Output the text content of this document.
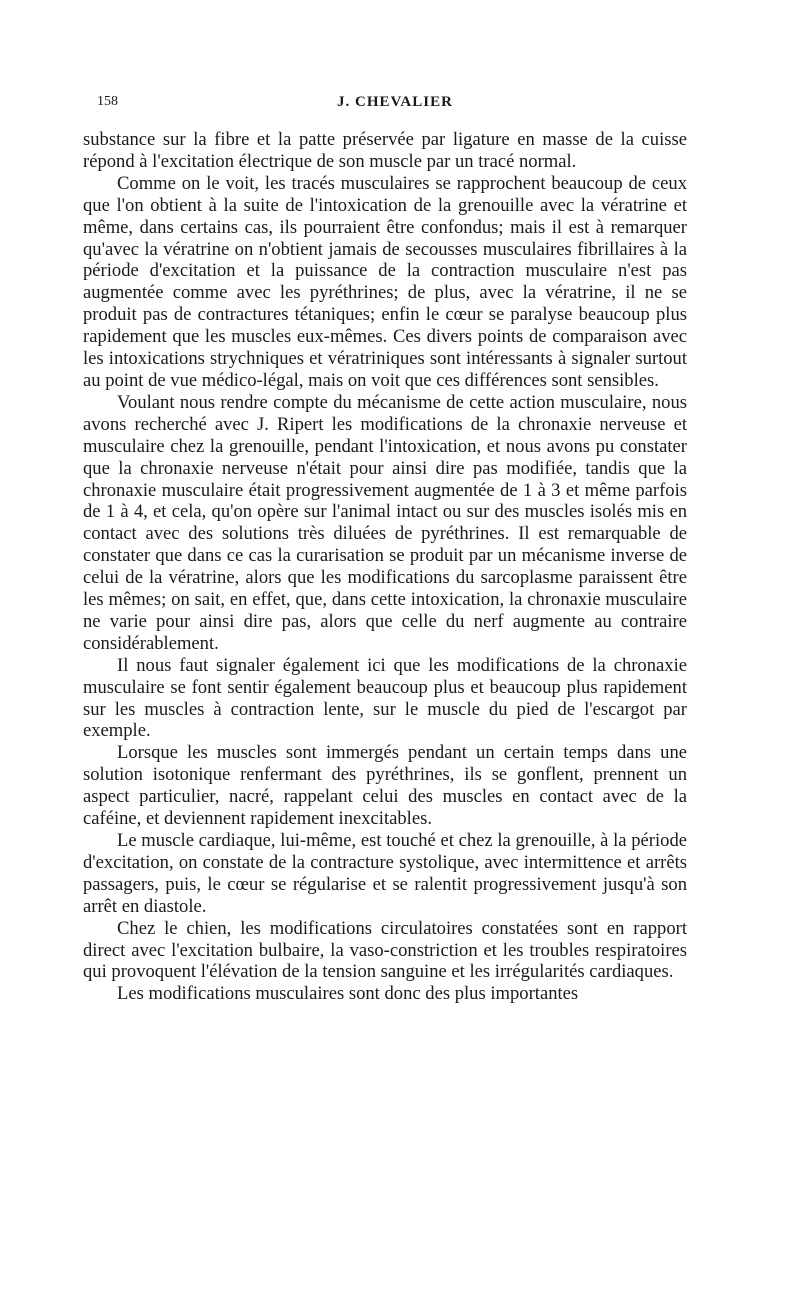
158	J. CHEVALIER

substance sur la fibre et la patte préservée par ligature en masse de la cuisse répond à l'excitation électrique de son muscle par un tracé normal.

Comme on le voit, les tracés musculaires se rapprochent beaucoup de ceux que l'on obtient à la suite de l'intoxication de la grenouille avec la vératrine et même, dans certains cas, ils pourraient être confondus; mais il est à remarquer qu'avec la vératrine on n'obtient jamais de secousses musculaires fibrillaires à la période d'excitation et la puissance de la contraction musculaire n'est pas augmentée comme avec les pyréthrines; de plus, avec la vératrine, il ne se produit pas de contractures tétaniques; enfin le cœur se paralyse beaucoup plus rapidement que les muscles eux-mêmes. Ces divers points de comparaison avec les intoxications strychniques et vératriniques sont intéressants à signaler surtout au point de vue médico-légal, mais on voit que ces différences sont sensibles.

Voulant nous rendre compte du mécanisme de cette action musculaire, nous avons recherché avec J. Ripert les modifications de la chronaxie nerveuse et musculaire chez la grenouille, pendant l'intoxication, et nous avons pu constater que la chronaxie nerveuse n'était pour ainsi dire pas modifiée, tandis que la chronaxie musculaire était progressivement augmentée de 1 à 3 et même parfois de 1 à 4, et cela, qu'on opère sur l'animal intact ou sur des muscles isolés mis en contact avec des solutions très diluées de pyréthrines. Il est remarquable de constater que dans ce cas la curarisation se produit par un mécanisme inverse de celui de la vératrine, alors que les modifications du sarcoplasme paraissent être les mêmes; on sait, en effet, que, dans cette intoxication, la chronaxie musculaire ne varie pour ainsi dire pas, alors que celle du nerf augmente au contraire considérablement.

Il nous faut signaler également ici que les modifications de la chronaxie musculaire se font sentir également beaucoup plus et beaucoup plus rapidement sur les muscles à contraction lente, sur le muscle du pied de l'escargot par exemple.

Lorsque les muscles sont immergés pendant un certain temps dans une solution isotonique renfermant des pyréthrines, ils se gonflent, prennent un aspect particulier, nacré, rappelant celui des muscles en contact avec de la caféine, et deviennent rapidement inexcitables.

Le muscle cardiaque, lui-même, est touché et chez la grenouille, à la période d'excitation, on constate de la contracture systolique, avec intermittence et arrêts passagers, puis, le cœur se régularise et se ralentit progressivement jusqu'à son arrêt en diastole.

Chez le chien, les modifications circulatoires constatées sont en rapport direct avec l'excitation bulbaire, la vaso-constriction et les troubles respiratoires qui provoquent l'élévation de la tension sanguine et les irrégularités cardiaques.

Les modifications musculaires sont donc des plus importantes
